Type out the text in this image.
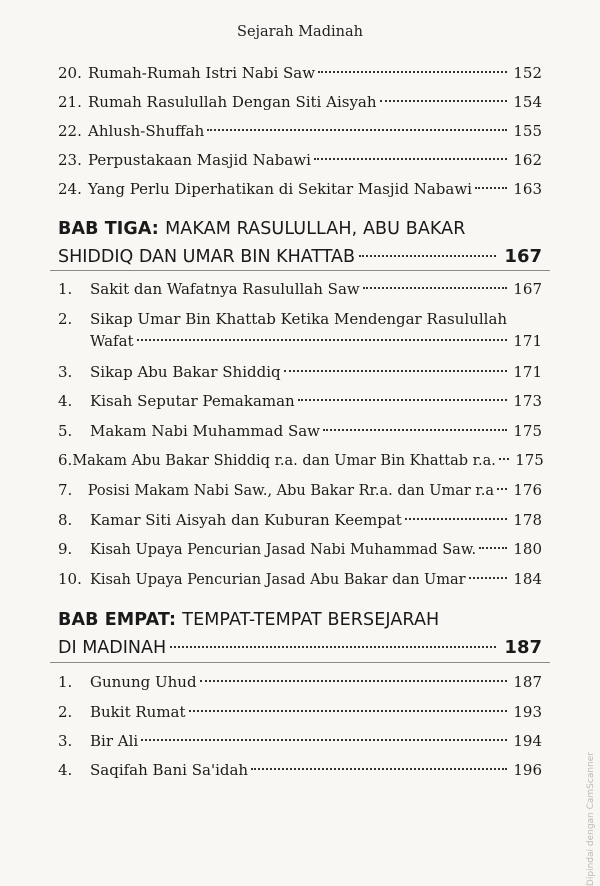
Sejarah Madinah
20. Rumah-Rumah Istri Nabi Saw	152
21. Rumah Rasulullah Dengan Siti Aisyah	154
22. Ahlush-Shuffah	155
23. Perpustakaan Masjid Nabawi	162
24. Yang Perlu Diperhatikan di Sekitar Masjid Nabawi	163
BAB TIGA: MAKAM RASULULLAH, ABU BAKAR
SHIDDIQ DAN UMAR BIN KHATTAB	167
1.	Sakit dan Wafatnya Rasulullah Saw	167
2. Sikap Umar Bin Khattab Ketika Mendengar Rasulullah
Wafat	171
3.	Sikap Abu Bakar Shiddiq	171
4.	Kisah Seputar Pemakaman	173
5.	Makam Nabi Muhammad Saw	175
6. Makam Abu Bakar Shiddiq r.a. dan Umar Bin Khattab r.a. 175
7.	Posisi Makam Nabi Saw., Abu Bakar Rr.a. dan Umar r.a 176
8.	Kamar Siti Aisyah dan Kuburan Keempat	178
9.	Kisah Upaya Pencurian Jasad Nabi Muhammad Saw. 180
10. Kisah Upaya Pencurian Jasad Abu Bakar dan Umar	184
BAB EMPAT: TEMPAT-TEMPAT BERSEJARAH
DI MADINAH	187
1.	Gunung Uhud	187
2.	Bukit Rumat	193
3.	Bir Ali	194
4.	Saqifah Bani Sa'idah	196	Dipindai dengan CamScanner
